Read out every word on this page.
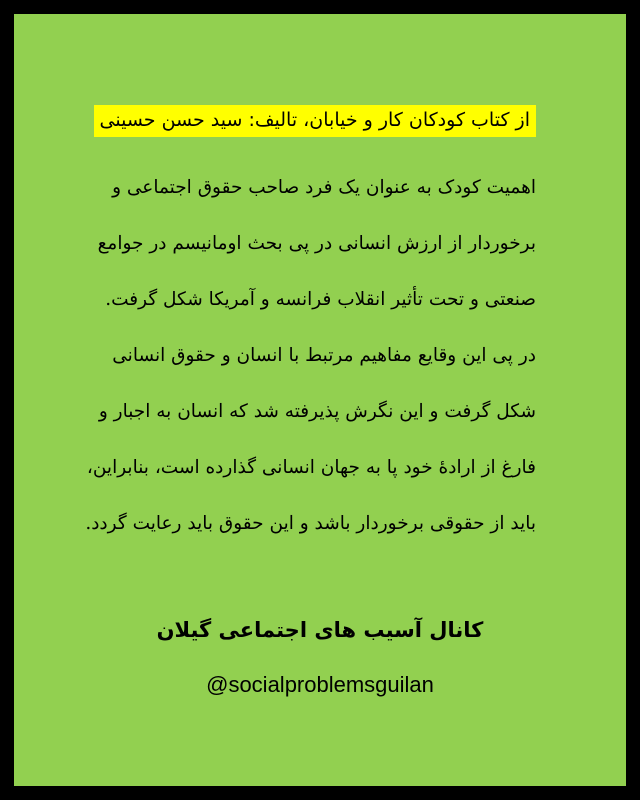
از کتاب کودکان کار و خیابان، تالیف: سید حسن حسینی
اهمیت کودک به عنوان یک فرد صاحب حقوق اجتماعی و
برخوردار از ارزش انسانی در پی بحث اومانیسم در جوامع
صنعتی و تحت تأثیر انقلاب فرانسه و آمریکا شکل گرفت.
در پی این وقایع مفاهیم مرتبط با انسان و حقوق انسانی
شکل گرفت و این نگرش پذیرفته شد که انسان به اجبار و
فارغ از ارادهٔ خود پا به جهان انسانی گذارده است، بنابراین،
باید از حقوقی برخوردار باشد و این حقوق باید رعایت گردد.
کانال آسیب های اجتماعی گیلان
@socialproblemsguilan
